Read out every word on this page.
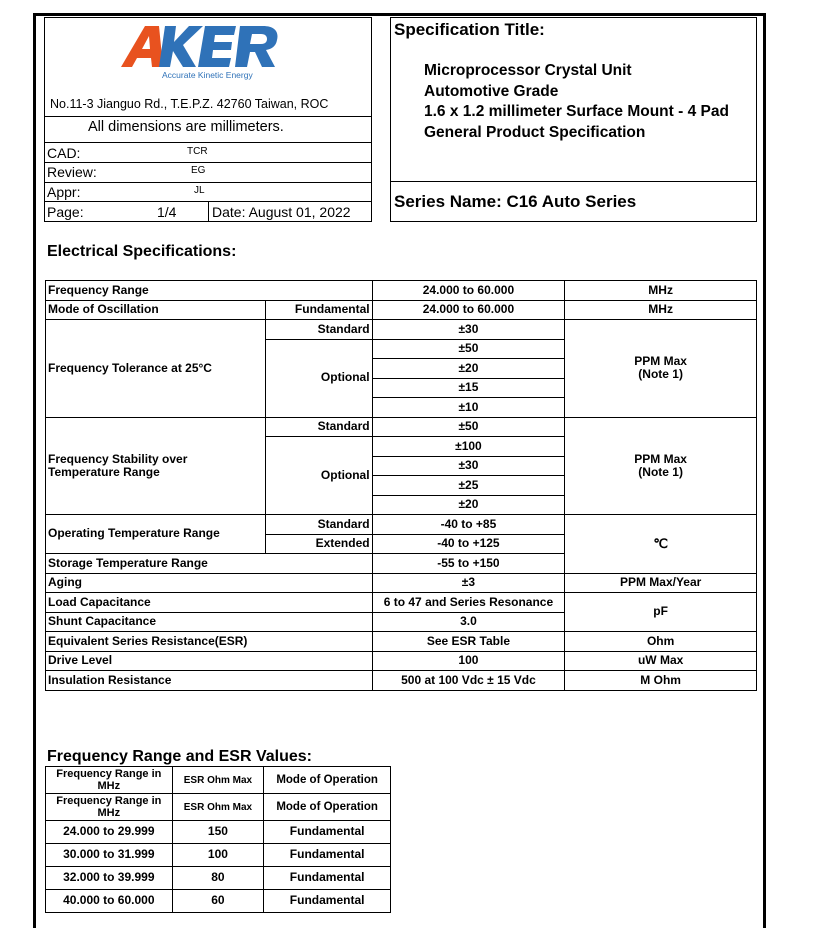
Accurate Kinetic Energy
No.11-3 Jianguo Rd., T.E.P.Z. 42760 Taiwan, ROC
All dimensions are millimeters.
CAD:	TCR
Review:	EG
Appr:	JL
Page:	1/4	Date: August 01, 2022
Specification Title:
Microprocessor Crystal Unit
Automotive Grade
1.6 x 1.2 millimeter Surface Mount - 4 Pad
General Product Specification
Series Name: C16 Auto Series
Electrical Specifications:
Frequency Range		24.000 to 60.000	MHz
Mode of Oscillation	Fundamental	24.000 to 60.000	MHz
Frequency Tolerance at 25°C	Standard	±30	PPM Max
(Note 1)
	Optional	±50	
		±20	
		±15	
		±10	
Frequency Stability over
Temperature Range	Standard	±50	PPM Max
(Note 1)
	Optional	±100	
		±30	
		±25	
		±20	
Operating Temperature Range	Standard	-40 to +85	℃
	Extended	-40 to +125	
Storage Temperature Range		-55 to +150	
Aging		±3	PPM Max/Year
Load Capacitance		6 to 47 and Series Resonance	pF
Shunt Capacitance		3.0	
Equivalent Series Resistance(ESR)		See ESR Table	Ohm
Drive Level		100	uW Max
Insulation Resistance		500 at 100 Vdc ± 15 Vdc	M Ohm
Frequency Range and ESR Values:
Frequency Range in MHz	ESR Ohm Max	Mode of Operation
Frequency Range in MHz	ESR Ohm Max	Mode of Operation
24.000 to 29.999	150	Fundamental
30.000 to 31.999	100	Fundamental
32.000 to 39.999	80	Fundamental
40.000 to 60.000	60	Fundamental
